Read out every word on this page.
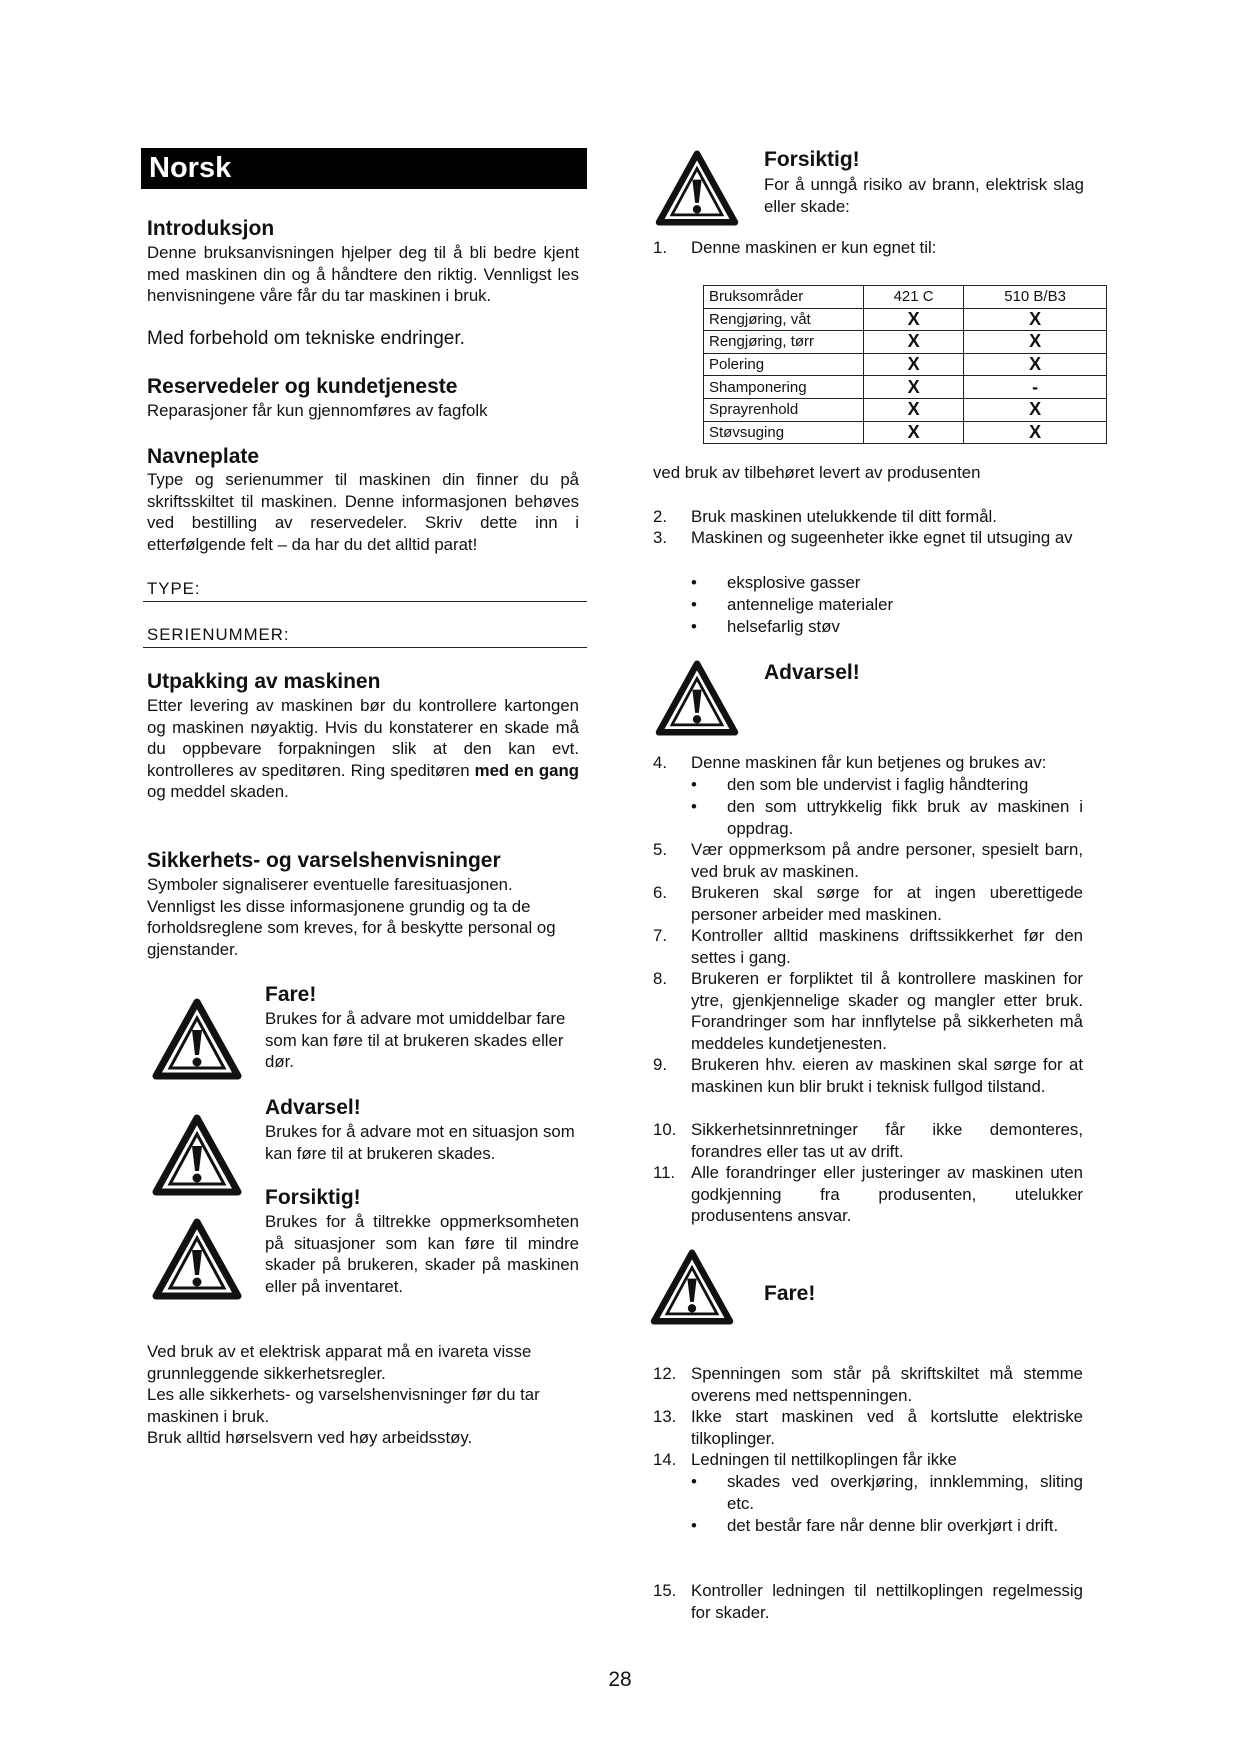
Norsk
Introduksjon
Denne bruksanvisningen hjelper deg til å bli bedre kjent med maskinen din og å håndtere den riktig. Vennligst les henvisningene våre får du tar maskinen i bruk.
Med forbehold om tekniske endringer.
Reservedeler og kundetjeneste
Reparasjoner får kun gjennomføres av fagfolk
Navneplate
Type og serienummer til maskinen din finner du på skriftsskiltet til maskinen. Denne informasjonen behøves ved bestilling av reservedeler. Skriv dette inn i etterfølgende felt – da har du det alltid parat!
TYPE:
SERIENUMMER:
Utpakking av maskinen
Etter levering av maskinen bør du kontrollere kartongen og maskinen nøyaktig. Hvis du konstaterer en skade må du oppbevare forpakningen slik at den kan evt. kontrolleres av speditøren. Ring speditøren med en gang og meddel skaden.
Sikkerhets- og varselshenvisninger
Symboler signaliserer eventuelle faresituasjonen. Vennligst les disse informasjonene grundig og ta de forholdsreglene som kreves, for å beskytte personal og gjenstander.
Fare!
Brukes for å advare mot umiddelbar fare som kan føre til at brukeren skades eller dør.
Advarsel!
Brukes for å advare mot en situasjon som kan føre til at brukeren skades.
Forsiktig!
Brukes for å tiltrekke oppmerksomheten på situasjoner som kan føre til mindre skader på brukeren, skader på maskinen eller på inventaret.
Ved bruk av et elektrisk apparat må en ivareta visse grunnleggende sikkerhetsregler.
Les alle sikkerhets- og varselshenvisninger før du tar maskinen i bruk.
Bruk alltid hørselsvern ved høy arbeidsstøy.
Forsiktig!
For å unngå risiko av brann, elektrisk slag eller skade:
1.	Denne maskinen er kun egnet til:
Bruksområder	421 C	510 B/B3
Rengjøring, våt	X	X
Rengjøring, tørr	X	X
Polering	X	X
Shamponering	X	-
Sprayrenhold	X	X
Støvsuging	X	X
ved bruk av tilbehøret levert av produsenten
2.	Bruk maskinen utelukkende til ditt formål.
3.	Maskinen og sugeenheter ikke egnet til utsuging av
• eksplosive gasser
• antennelige materialer
• helsefarlig støv
Advarsel!
4.	Denne maskinen får kun betjenes og brukes av:
• den som ble undervist i faglig håndtering
• den som uttrykkelig fikk bruk av maskinen i oppdrag.
5.	Vær oppmerksom på andre personer, spesielt barn, ved bruk av maskinen.
6.	Brukeren skal sørge for at ingen uberettigede personer arbeider med maskinen.
7.	Kontroller alltid maskinens driftssikkerhet før den settes i gang.
8.	Brukeren er forpliktet til å kontrollere maskinen for ytre, gjenkjennelige skader og mangler etter bruk. Forandringer som har innflytelse på sikkerheten må meddeles kundetjenesten.
9.	Brukeren hhv. eieren av maskinen skal sørge for at maskinen kun blir brukt i teknisk fullgod tilstand.
10. Sikkerhetsinnretninger får ikke demonteres, forandres eller tas ut av drift.
11. Alle forandringer eller justeringer av maskinen uten godkjenning fra produsenten, utelukker produsentens ansvar.
Fare!
12. Spenningen som står på skriftskiltet må stemme overens med nettspenningen.
13. Ikke start maskinen ved å kortslutte elektriske tilkoplinger.
14. Ledningen til nettilkoplingen får ikke
• skades ved overkjøring, innklemming, sliting etc.
• det består fare når denne blir overkjørt i drift.
15. Kontroller ledningen til nettilkoplingen regelmessig for skader.
28
